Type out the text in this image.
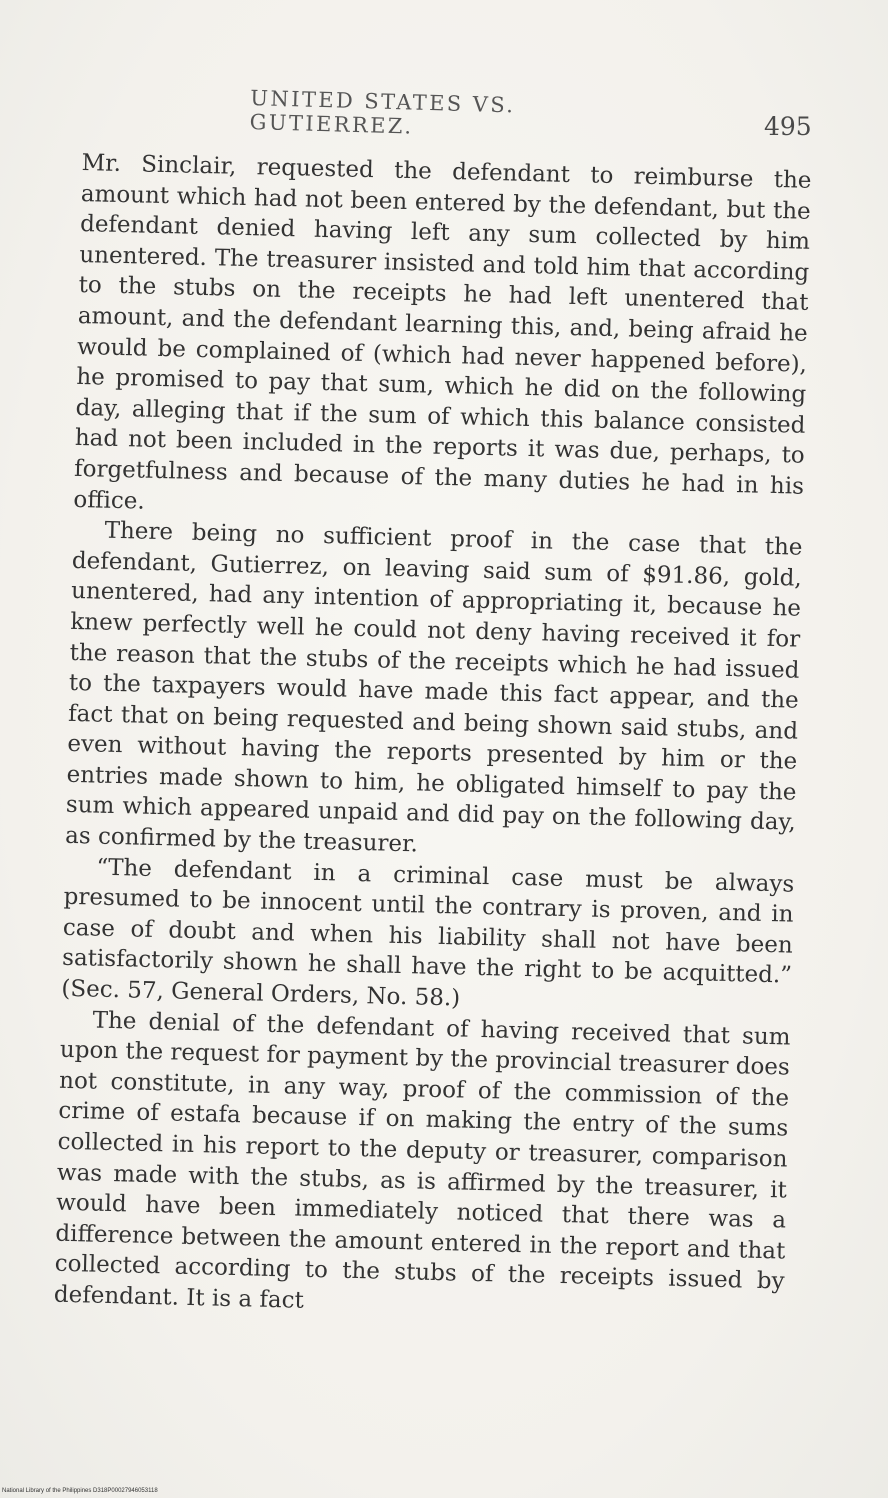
UNITED STATES VS. GUTIERREZ.	495

Mr. Sinclair, requested the defendant to reimburse the amount which had not been entered by the defendant, but the defendant denied having left any sum collected by him unentered. The treasurer insisted and told him that according to the stubs on the receipts he had left unentered that amount, and the defendant learning this, and, being afraid he would be complained of (which had never happened before), he promised to pay that sum, which he did on the following day, alleging that if the sum of which this balance consisted had not been included in the reports it was due, perhaps, to forgetfulness and because of the many duties he had in his office.

There being no sufficient proof in the case that the defendant, Gutierrez, on leaving said sum of $91.86, gold, unentered, had any intention of appropriating it, because he knew perfectly well he could not deny having received it for the reason that the stubs of the receipts which he had issued to the taxpayers would have made this fact appear, and the fact that on being requested and being shown said stubs, and even without having the reports presented by him or the entries made shown to him, he obligated himself to pay the sum which appeared unpaid and did pay on the following day, as confirmed by the treasurer.

“The defendant in a criminal case must be always presumed to be innocent until the contrary is proven, and in case of doubt and when his liability shall not have been satisfactorily shown he shall have the right to be acquitted.” (Sec. 57, General Orders, No. 58.)

The denial of the defendant of having received that sum upon the request for payment by the provincial treasurer does not constitute, in any way, proof of the commission of the crime of estafa because if on making the entry of the sums collected in his report to the deputy or treasurer, comparison was made with the stubs, as is affirmed by the treasurer, it would have been immediately noticed that there was a difference between the amount entered in the report and that collected according to the stubs of the receipts issued by defendant. It is a fact

National Library of the Philippines D318P00027946053118
